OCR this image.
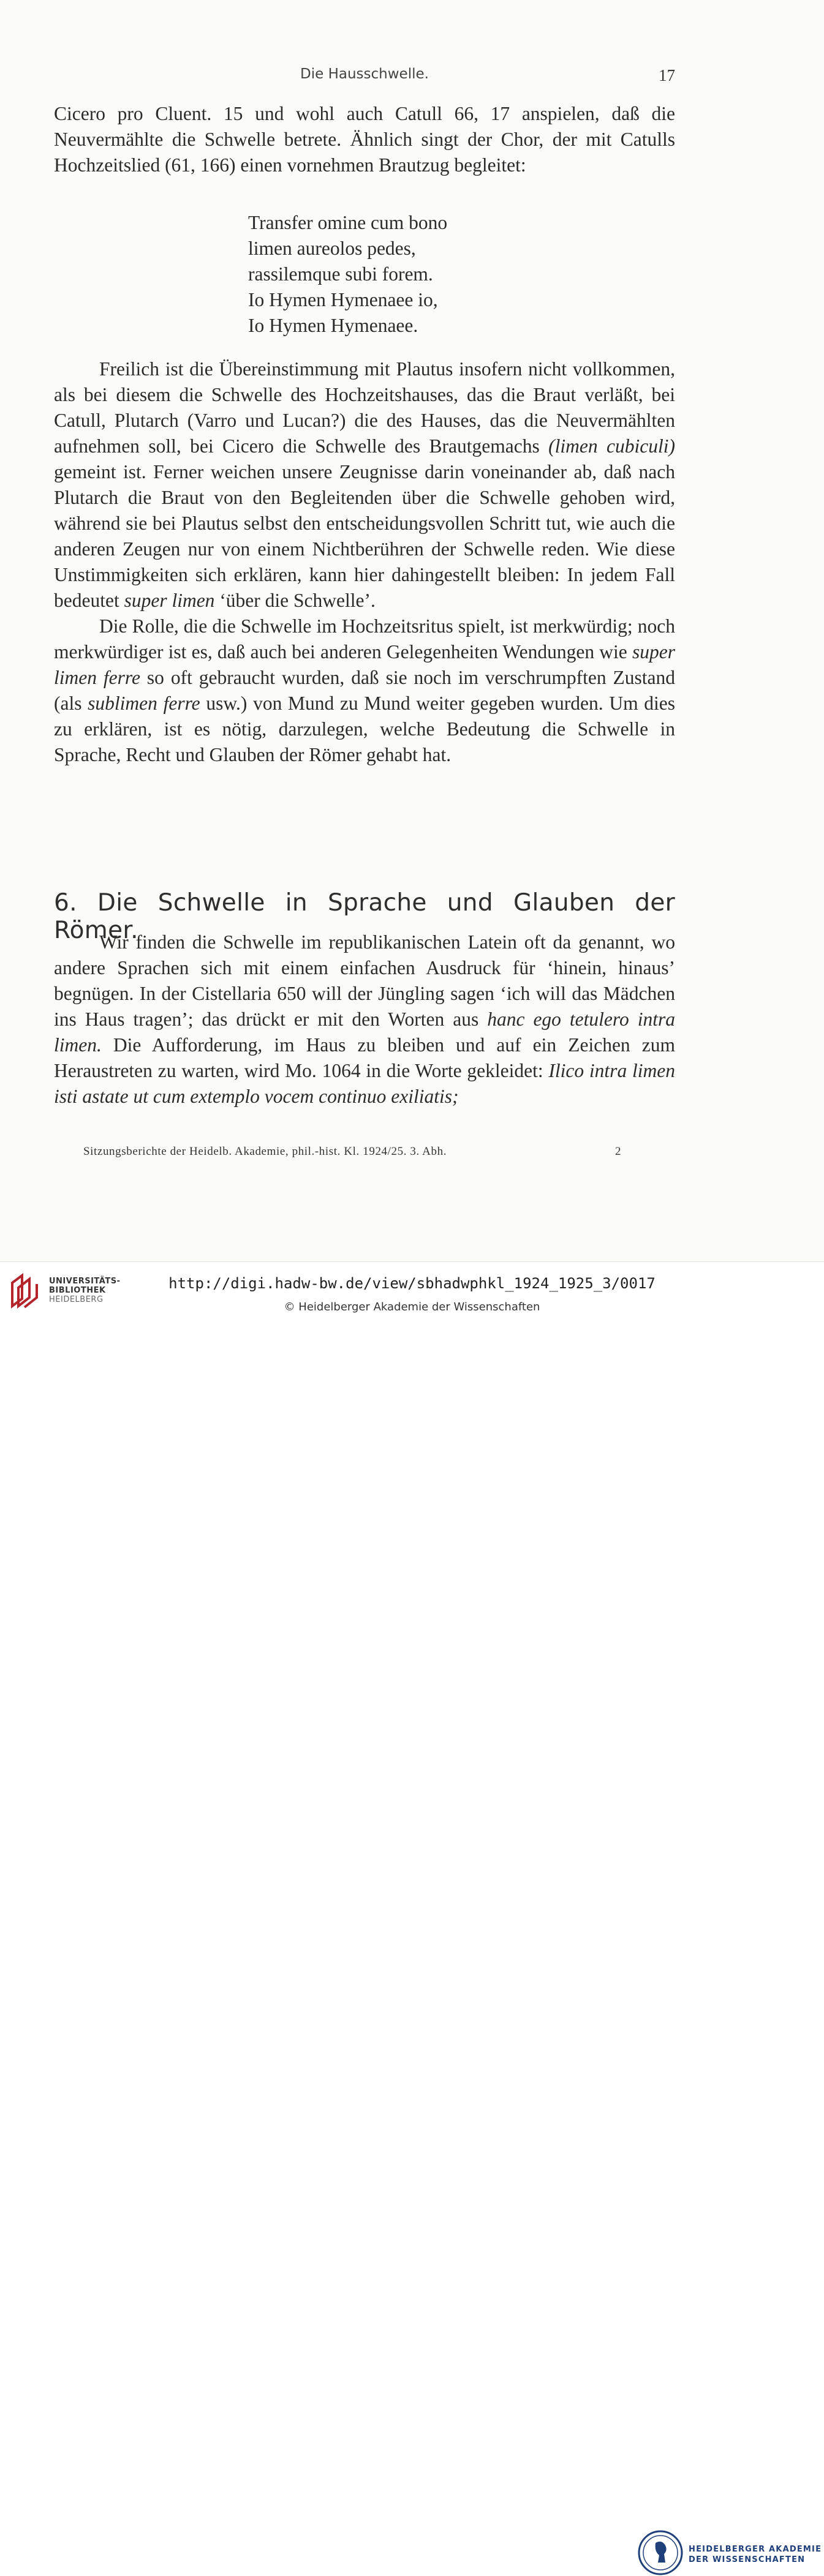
Die Hausschwelle.	17

Cicero pro Cluent. 15 und wohl auch Catull 66, 17 anspielen, daß die Neuvermählte die Schwelle betrete. Ähnlich singt der Chor, der mit Catulls Hochzeitslied (61, 166) einen vornehmen Brautzug begleitet:

Transfer omine cum bono
limen aureolos pedes,
rassilemque subi forem.
Io Hymen Hymenaee io,
Io Hymen Hymenaee.

Freilich ist die Übereinstimmung mit Plautus insofern nicht vollkommen, als bei diesem die Schwelle des Hochzeitshauses, das die Braut verläßt, bei Catull, Plutarch (Varro und Lucan?) die des Hauses, das die Neuvermählten aufnehmen soll, bei Cicero die Schwelle des Brautgemachs (limen cubiculi) gemeint ist. Ferner weichen unsere Zeugnisse darin voneinander ab, daß nach Plutarch die Braut von den Begleitenden über die Schwelle gehoben wird, während sie bei Plautus selbst den entscheidungsvollen Schritt tut, wie auch die anderen Zeugen nur von einem Nichtberühren der Schwelle reden. Wie diese Unstimmigkeiten sich erklären, kann hier dahingestellt bleiben: In jedem Fall bedeutet super limen ‘über die Schwelle’.

Die Rolle, die die Schwelle im Hochzeitsritus spielt, ist merkwürdig; noch merkwürdiger ist es, daß auch bei anderen Gelegenheiten Wendungen wie super limen ferre so oft gebraucht wurden, daß sie noch im verschrumpften Zustand (als sublimen ferre usw.) von Mund zu Mund weiter gegeben wurden. Um dies zu erklären, ist es nötig, darzulegen, welche Bedeutung die Schwelle in Sprache, Recht und Glauben der Römer gehabt hat.

6. Die Schwelle in Sprache und Glauben der Römer.

Wir finden die Schwelle im republikanischen Latein oft da genannt, wo andere Sprachen sich mit einem einfachen Ausdruck für ‘hinein, hinaus’ begnügen. In der Cistellaria 650 will der Jüngling sagen ‘ich will das Mädchen ins Haus tragen’; das drückt er mit den Worten aus hanc ego tetulero intra limen. Die Aufforderung, im Haus zu bleiben und auf ein Zeichen zum Heraustreten zu warten, wird Mo. 1064 in die Worte gekleidet: Ilico intra limen isti astate ut cum extemplo vocem continuo exiliatis;

Sitzungsberichte der Heidelb. Akademie, phil.-hist. Kl. 1924/25. 3. Abh.	2
UNIVERSITÄTS-
BIBLIOTHEK
HEIDELBERG
HEIDELBERGER AKADEMIE
DER WISSENSCHAFTEN
http://digi.hadw-bw.de/view/sbhadwphkl_1924_1925_3/0017
© Heidelberger Akademie der Wissenschaften
